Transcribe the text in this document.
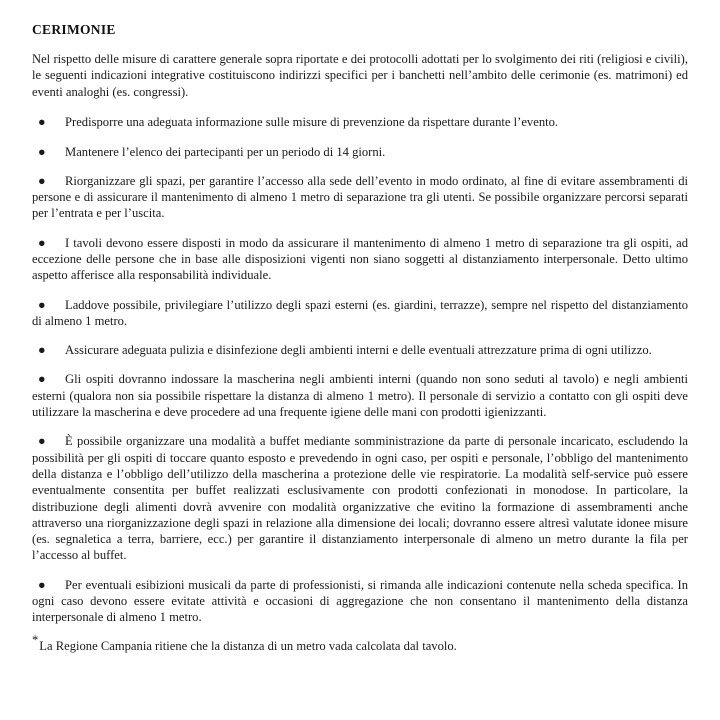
CERIMONIE

Nel rispetto delle misure di carattere generale sopra riportate e dei protocolli adottati per lo svolgimento dei riti (religiosi e civili), le seguenti indicazioni integrative costituiscono indirizzi specifici per i banchetti nell’ambito delle cerimonie (es. matrimoni) ed eventi analoghi (es. congressi).

●	Predisporre una adeguata informazione sulle misure di prevenzione da rispettare durante l’evento.
●	Mantenere l’elenco dei partecipanti per un periodo di 14 giorni.
●	Riorganizzare gli spazi, per garantire l’accesso alla sede dell’evento in modo ordinato, al fine di evitare assembramenti di persone e di assicurare il mantenimento di almeno 1 metro di separazione tra gli utenti. Se possibile organizzare percorsi separati per l’entrata e per l’uscita.
●	I tavoli devono essere disposti in modo da assicurare il mantenimento di almeno 1 metro di separazione tra gli ospiti, ad eccezione delle persone che in base alle disposizioni vigenti non siano soggetti al distanziamento interpersonale. Detto ultimo aspetto afferisce alla responsabilità individuale.
●	Laddove possibile, privilegiare l’utilizzo degli spazi esterni (es. giardini, terrazze), sempre nel rispetto del distanziamento di almeno 1 metro.
●	Assicurare adeguata pulizia e disinfezione degli ambienti interni e delle eventuali attrezzature prima di ogni utilizzo.
●	Gli ospiti dovranno indossare la mascherina negli ambienti interni (quando non sono seduti al tavolo) e negli ambienti esterni (qualora non sia possibile rispettare la distanza di almeno 1 metro). Il personale di servizio a contatto con gli ospiti deve utilizzare la mascherina e deve procedere ad una frequente igiene delle mani con prodotti igienizzanti.
●	È possibile organizzare una modalità a buffet mediante somministrazione da parte di personale incaricato, escludendo la possibilità per gli ospiti di toccare quanto esposto e prevedendo in ogni caso, per ospiti e personale, l’obbligo del mantenimento della distanza e l’obbligo dell’utilizzo della mascherina a protezione delle vie respiratorie. La modalità self-service può essere eventualmente consentita per buffet realizzati esclusivamente con prodotti confezionati in monodose. In particolare, la distribuzione degli alimenti dovrà avvenire con modalità organizzative che evitino la formazione di assembramenti anche attraverso una riorganizzazione degli spazi in relazione alla dimensione dei locali; dovranno essere altresì valutate idonee misure (es. segnaletica a terra, barriere, ecc.) per garantire il distanziamento interpersonale di almeno un metro durante la fila per l’accesso al buffet.
●	Per eventuali esibizioni musicali da parte di professionisti, si rimanda alle indicazioni contenute nella scheda specifica. In ogni caso devono essere evitate attività e occasioni di aggregazione che non consentano il mantenimento della distanza interpersonale di almeno 1 metro.

*La Regione Campania ritiene che la distanza di un metro vada calcolata dal tavolo.
